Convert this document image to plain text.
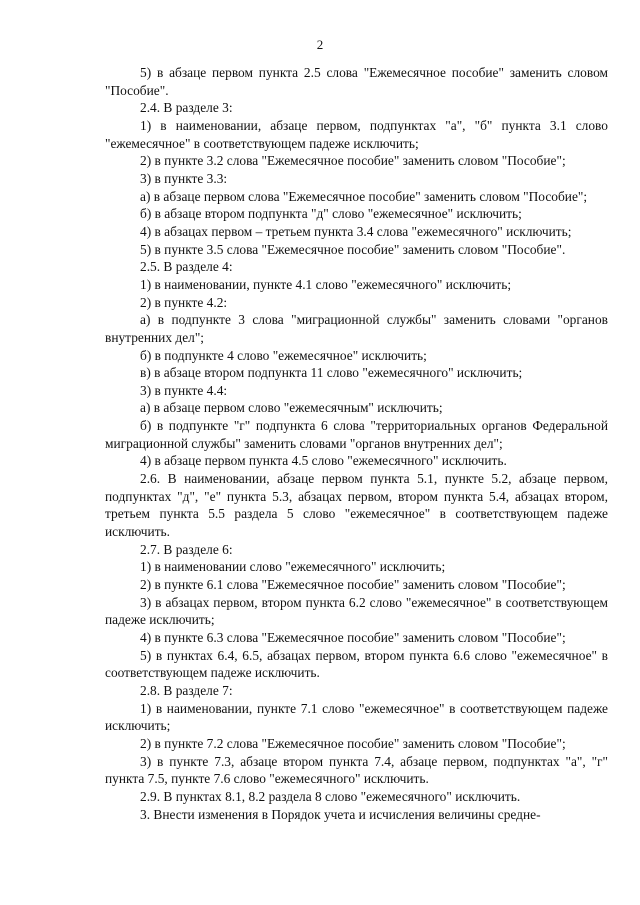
2

5) в абзаце первом пункта 2.5 слова "Ежемесячное пособие" заменить словом "Пособие".

2.4. В разделе 3:

1) в наименовании, абзаце первом, подпунктах "а", "б" пункта 3.1 слово "ежемесячное" в соответствующем падеже исключить;

2) в пункте 3.2 слова "Ежемесячное пособие" заменить словом "Пособие";

3) в пункте 3.3:

а) в абзаце первом слова "Ежемесячное пособие" заменить словом "Пособие";

б) в абзаце втором подпункта "д" слово "ежемесячное" исключить;

4) в абзацах первом – третьем пункта 3.4 слова "ежемесячного" исключить;

5) в пункте 3.5 слова "Ежемесячное пособие" заменить словом "Пособие".

2.5. В разделе 4:

1) в наименовании, пункте 4.1 слово "ежемесячного" исключить;

2) в пункте 4.2:

а) в подпункте 3 слова "миграционной службы" заменить словами "органов внутренних дел";

б) в подпункте 4 слово "ежемесячное" исключить;

в) в абзаце втором подпункта 11 слово "ежемесячного" исключить;

3) в пункте 4.4:

а) в абзаце первом слово "ежемесячным" исключить;

б) в подпункте "г" подпункта 6 слова "территориальных органов Федеральной миграционной службы" заменить словами "органов внутренних дел";

4) в абзаце первом пункта 4.5 слово "ежемесячного" исключить.

2.6. В наименовании, абзаце первом пункта 5.1, пункте 5.2, абзаце первом, подпунктах "д", "е" пункта 5.3, абзацах первом, втором пункта 5.4, абзацах втором, третьем пункта 5.5 раздела 5 слово "ежемесячное" в соответствующем падеже исключить.

2.7. В разделе 6:

1) в наименовании слово "ежемесячного" исключить;

2) в пункте 6.1 слова "Ежемесячное пособие" заменить словом "Пособие";

3) в абзацах первом, втором пункта 6.2 слово "ежемесячное" в соответствующем падеже исключить;

4) в пункте 6.3 слова "Ежемесячное пособие" заменить словом "Пособие";

5) в пунктах 6.4, 6.5, абзацах первом, втором пункта 6.6 слово "ежемесячное" в соответствующем падеже исключить.

2.8. В разделе 7:

1) в наименовании, пункте 7.1 слово "ежемесячное" в соответствующем падеже исключить;

2) в пункте 7.2 слова "Ежемесячное пособие" заменить словом "Пособие";

3) в пункте 7.3, абзаце втором пункта 7.4, абзаце первом, подпунктах "а", "г" пункта 7.5, пункте 7.6 слово "ежемесячного" исключить.

2.9. В пунктах 8.1, 8.2 раздела 8 слово "ежемесячного" исключить.

3. Внести изменения в Порядок учета и исчисления величины средне-
